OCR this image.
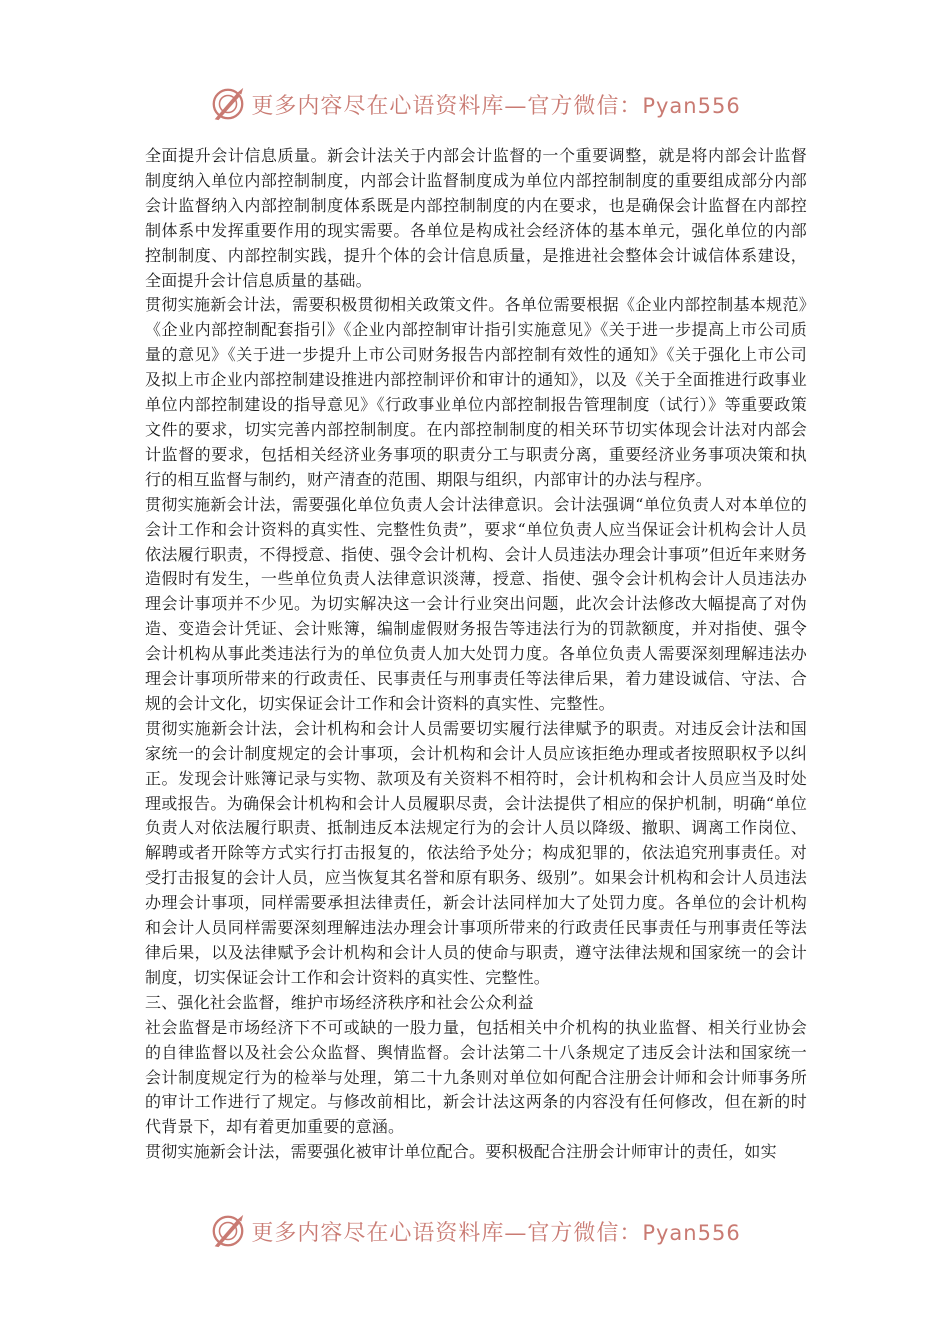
更多内容尽在心语资料库—官方微信：Pyan556

全面提升会计信息质量。新会计法关于内部会计监督的一个重要调整，就是将内部会计监督制度纳入单位内部控制制度，内部会计监督制度成为单位内部控制制度的重要组成部分内部会计监督纳入内部控制制度体系既是内部控制制度的内在要求，也是确保会计监督在内部控制体系中发挥重要作用的现实需要。各单位是构成社会经济体的基本单元，强化单位的内部控制制度、内部控制实践，提升个体的会计信息质量，是推进社会整体会计诚信体系建设，全面提升会计信息质量的基础。

贯彻实施新会计法，需要积极贯彻相关政策文件。各单位需要根据《企业内部控制基本规范》《企业内部控制配套指引》《企业内部控制审计指引实施意见》《关于进一步提高上市公司质量的意见》《关于进一步提升上市公司财务报告内部控制有效性的通知》《关于强化上市公司及拟上市企业内部控制建设推进内部控制评价和审计的通知》，以及《关于全面推进行政事业单位内部控制建设的指导意见》《行政事业单位内部控制报告管理制度（试行）》等重要政策文件的要求，切实完善内部控制制度。在内部控制制度的相关环节切实体现会计法对内部会计监督的要求，包括相关经济业务事项的职责分工与职责分离，重要经济业务事项决策和执行的相互监督与制约，财产清查的范围、期限与组织，内部审计的办法与程序。

贯彻实施新会计法，需要强化单位负责人会计法律意识。会计法强调“单位负责人对本单位的会计工作和会计资料的真实性、完整性负责”，要求“单位负责人应当保证会计机构会计人员依法履行职责，不得授意、指使、强令会计机构、会计人员违法办理会计事项”但近年来财务造假时有发生，一些单位负责人法律意识淡薄，授意、指使、强令会计机构会计人员违法办理会计事项并不少见。为切实解决这一会计行业突出问题，此次会计法修改大幅提高了对伪造、变造会计凭证、会计账簿，编制虚假财务报告等违法行为的罚款额度，并对指使、强令会计机构从事此类违法行为的单位负责人加大处罚力度。各单位负责人需要深刻理解违法办理会计事项所带来的行政责任、民事责任与刑事责任等法律后果，着力建设诚信、守法、合规的会计文化，切实保证会计工作和会计资料的真实性、完整性。

贯彻实施新会计法，会计机构和会计人员需要切实履行法律赋予的职责。对违反会计法和国家统一的会计制度规定的会计事项，会计机构和会计人员应该拒绝办理或者按照职权予以纠正。发现会计账簿记录与实物、款项及有关资料不相符时，会计机构和会计人员应当及时处理或报告。为确保会计机构和会计人员履职尽责，会计法提供了相应的保护机制，明确“单位负责人对依法履行职责、抵制违反本法规定行为的会计人员以降级、撤职、调离工作岗位、解聘或者开除等方式实行打击报复的，依法给予处分；构成犯罪的，依法追究刑事责任。对受打击报复的会计人员，应当恢复其名誉和原有职务、级别”。如果会计机构和会计人员违法办理会计事项，同样需要承担法律责任，新会计法同样加大了处罚力度。各单位的会计机构和会计人员同样需要深刻理解违法办理会计事项所带来的行政责任民事责任与刑事责任等法律后果，以及法律赋予会计机构和会计人员的使命与职责，遵守法律法规和国家统一的会计制度，切实保证会计工作和会计资料的真实性、完整性。

三、强化社会监督，维护市场经济秩序和社会公众利益

社会监督是市场经济下不可或缺的一股力量，包括相关中介机构的执业监督、相关行业协会的自律监督以及社会公众监督、舆情监督。会计法第二十八条规定了违反会计法和国家统一会计制度规定行为的检举与处理，第二十九条则对单位如何配合注册会计师和会计师事务所的审计工作进行了规定。与修改前相比，新会计法这两条的内容没有任何修改，但在新的时代背景下，却有着更加重要的意涵。

贯彻实施新会计法，需要强化被审计单位配合。要积极配合注册会计师审计的责任，如实

更多内容尽在心语资料库—官方微信：Pyan556
